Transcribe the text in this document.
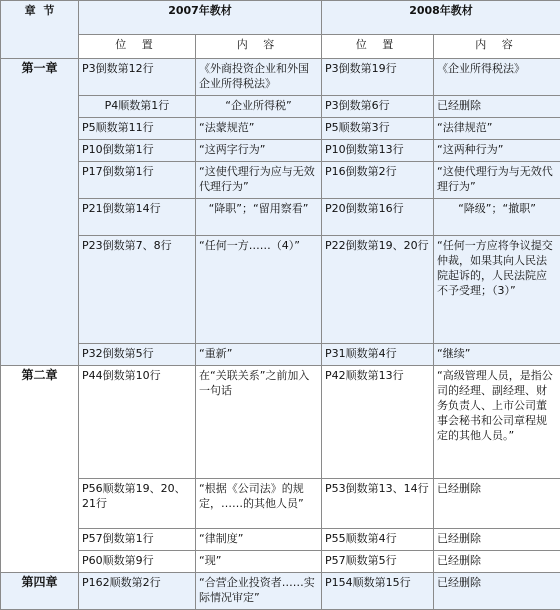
章  节	2007年教材		2008年教材	
	位 置	内 容	位 置	内 容
第一章	P3倒数第12行	《外商投资企业和外国企业所得税法》	P3倒数第19行	《企业所得税法》
	P4顺数第1行	“企业所得税”	P3倒数第6行	已经删除
	P5顺数第11行	“法蒙规范”	P5顺数第3行	“法律规范”
	P10倒数第1行	“这两字行为”	P10倒数第13行	“这两种行为”
	P17倒数第1行	“这使代理行为应与无效代理行为”	P16倒数第2行	“这使代理行为与无效代理行为”
	P21倒数第14行	“降职”；“留用察看”	P20倒数第16行	“降级”；“撤职”
	P23倒数第7、8行	“任何一方……（4）”	P22倒数第19、20行	“任何一方应将争议提交仲裁，如果其向人民法院起诉的，人民法院应不予受理；（3）”
	P32倒数第5行	“重新”	P31顺数第4行	“继续”
第二章	P44倒数第10行	在“关联关系”之前加入一句话	P42顺数第13行	“高级管理人员，是指公司的经理、副经理、财务负责人、上市公司董事会秘书和公司章程规定的其他人员。”
	P56顺数第19、20、21行	“根据《公司法》的规定，……的其他人员”	P53倒数第13、14行	已经删除
	P57倒数第1行	“律制度”	P55顺数第4行	已经删除
	P60顺数第9行	“现”	P57顺数第5行	已经删除
第四章	P162顺数第2行	“合营企业投资者……实际情况审定”	P154顺数第15行	已经删除
